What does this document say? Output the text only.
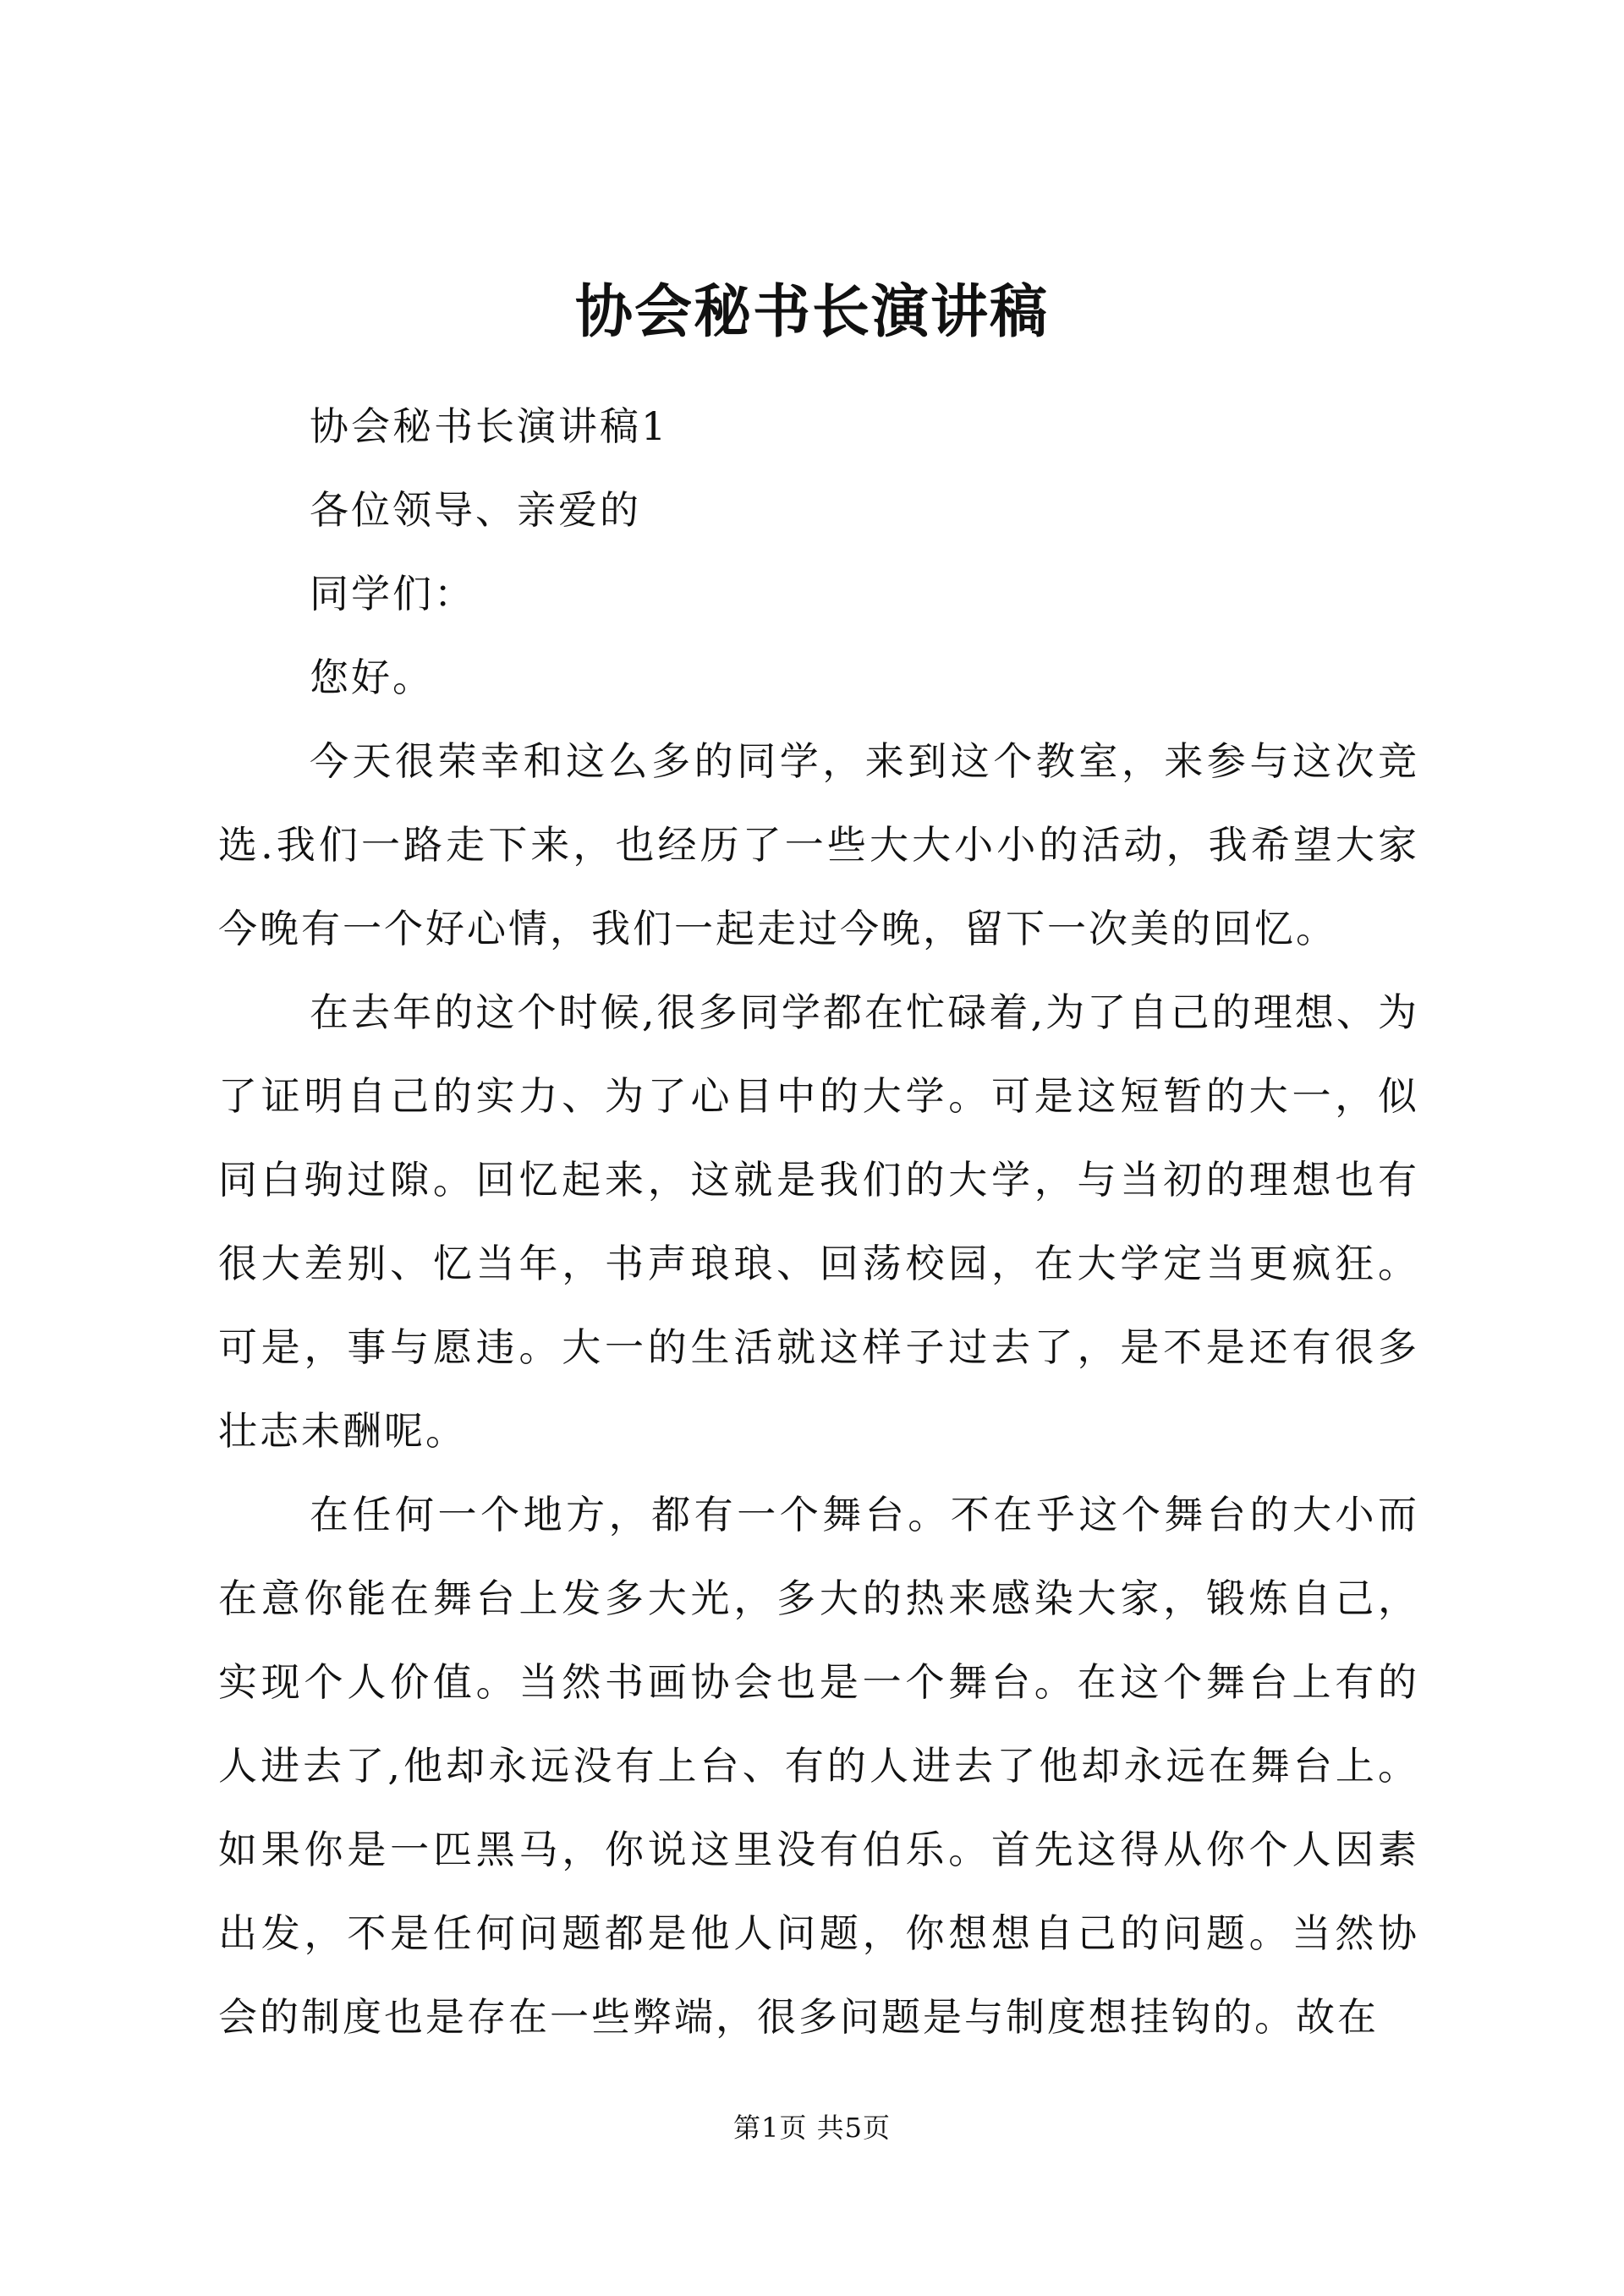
协会秘书长演讲稿

协会秘书长演讲稿1

各位领导、亲爱的

同学们：

您好。

今天很荣幸和这么多的同学，来到这个教室，来参与这次竞选.我们一路走下来，也经历了一些大大小小的活动，我希望大家今晚有一个好心情，我们一起走过今晚，留下一次美的回忆。

在去年的这个时候,很多同学都在忙碌着,为了自己的理想、为了证明自己的实力、为了心目中的大学。可是这短暂的大一，似同白驹过隙。回忆起来，这就是我们的大学，与当初的理想也有很大差别、忆当年，书声琅琅、回荡校园，在大学定当更疯狂。可是，事与愿违。大一的生活就这样子过去了，是不是还有很多壮志未酬呢。

在任何一个地方，都有一个舞台。不在乎这个舞台的大小而在意你能在舞台上发多大光，多大的热来感染大家，锻炼自己，实现个人价值。当然书画协会也是一个舞台。在这个舞台上有的人进去了,他却永远没有上台、有的人进去了他却永远在舞台上。如果你是一匹黑马，你说这里没有伯乐。首先这得从你个人因素出发，不是任何问题都是他人问题，你想想自己的问题。当然协会的制度也是存在一些弊端，很多问题是与制度想挂钩的。故在

第1页 共5页
